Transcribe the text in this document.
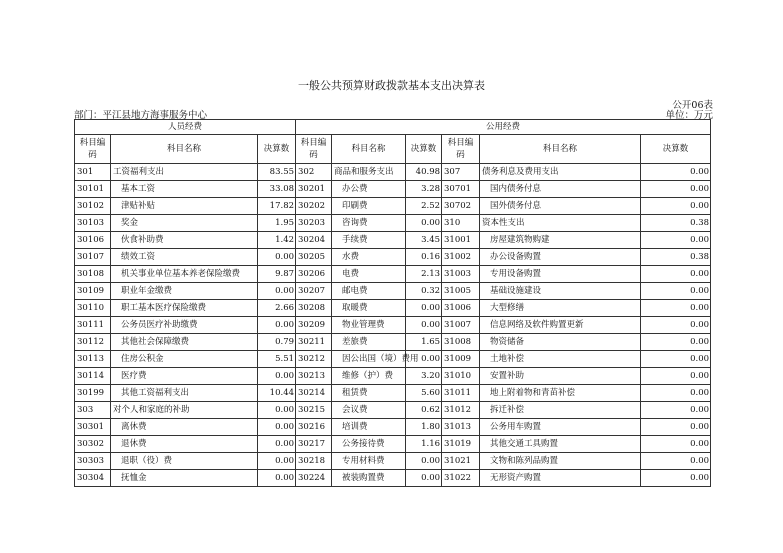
一般公共预算财政拨款基本支出决算表
公开06表
部门：平江县地方海事服务中心	单位：万元
人员经费			公用经费					
科目编码	科目名称	决算数	科目编码	科目名称	决算数	科目编码	科目名称	决算数
301	工资福利支出	83.55	302	商品和服务支出	40.98	307	债务利息及费用支出	0.00
30101	基本工资	33.08	30201	办公费	3.28	30701	国内债务付息	0.00
30102	津贴补贴	17.82	30202	印刷费	2.52	30702	国外债务付息	0.00
30103	奖金	1.95	30203	咨询费	0.00	310	资本性支出	0.38
30106	伙食补助费	1.42	30204	手续费	3.45	31001	房屋建筑物购建	0.00
30107	绩效工资	0.00	30205	水费	0.16	31002	办公设备购置	0.38
30108	机关事业单位基本养老保险缴费	9.87	30206	电费	2.13	31003	专用设备购置	0.00
30109	职业年金缴费	0.00	30207	邮电费	0.32	31005	基础设施建设	0.00
30110	职工基本医疗保险缴费	2.66	30208	取暖费	0.00	31006	大型修缮	0.00
30111	公务员医疗补助缴费	0.00	30209	物业管理费	0.00	31007	信息网络及软件购置更新	0.00
30112	其他社会保障缴费	0.79	30211	差旅费	1.65	31008	物资储备	0.00
30113	住房公积金	5.51	30212	因公出国（境）费用	0.00	31009	土地补偿	0.00
30114	医疗费	0.00	30213	维修（护）费	3.20	31010	安置补助	0.00
30199	其他工资福利支出	10.44	30214	租赁费	5.60	31011	地上附着物和青苗补偿	0.00
303	对个人和家庭的补助	0.00	30215	会议费	0.62	31012	拆迁补偿	0.00
30301	离休费	0.00	30216	培训费	1.80	31013	公务用车购置	0.00
30302	退休费	0.00	30217	公务接待费	1.16	31019	其他交通工具购置	0.00
30303	退职（役）费	0.00	30218	专用材料费	0.00	31021	文物和陈列品购置	0.00
30304	抚恤金	0.00	30224	被装购置费	0.00	31022	无形资产购置	0.00
